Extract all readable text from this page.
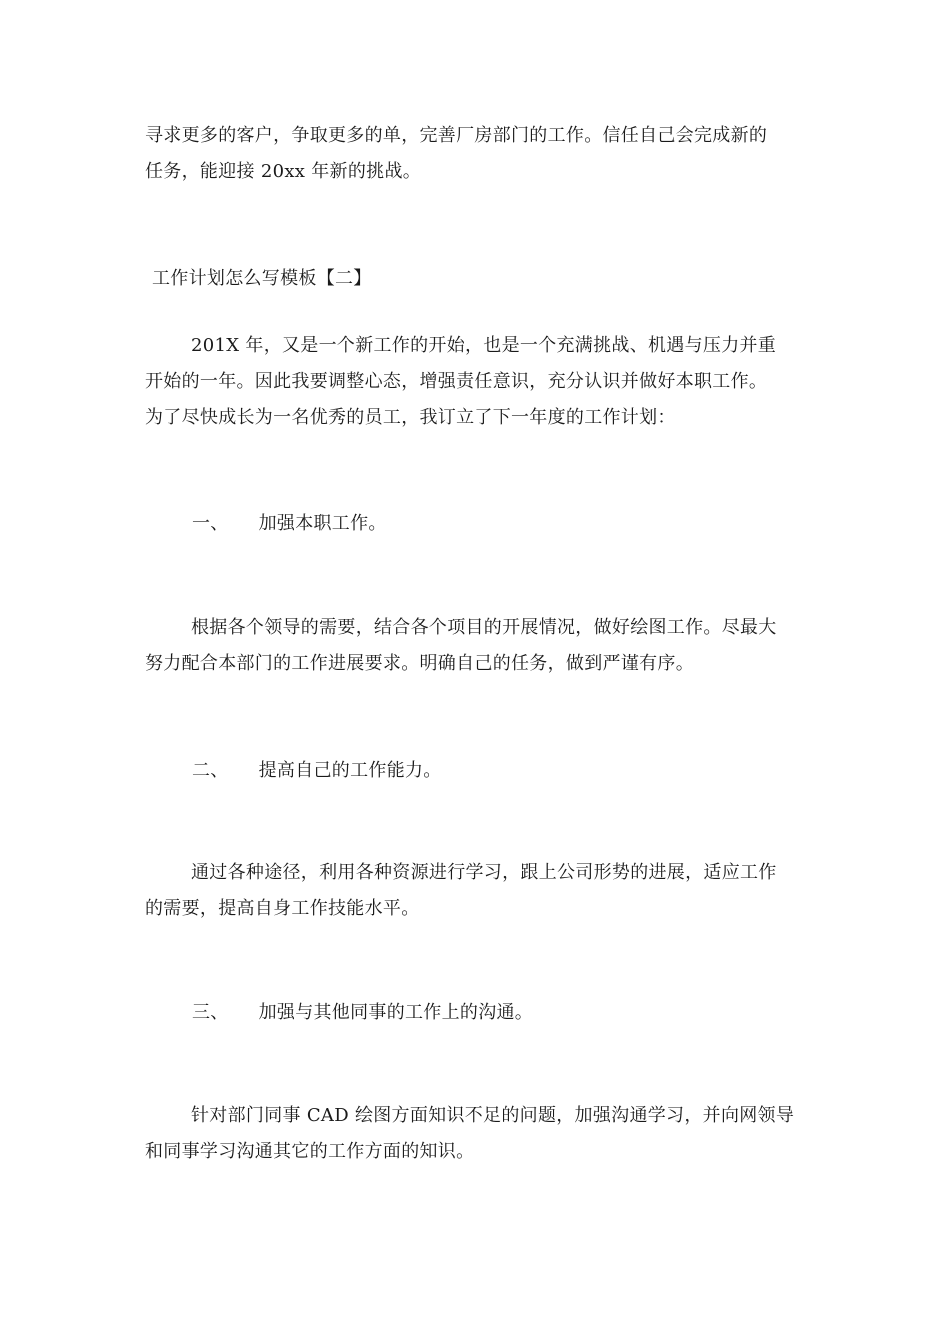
寻求更多的客户，争取更多的单，完善厂房部门的工作。信任自己会完成新的
任务，能迎接 20xx 年新的挑战。

工作计划怎么写模板【二】

201X 年，又是一个新工作的开始，也是一个充满挑战、机遇与压力并重
开始的一年。因此我要调整心态，增强责任意识，充分认识并做好本职工作。
为了尽快成长为一名优秀的员工，我订立了下一年度的工作计划：

一、 加强本职工作。

根据各个领导的需要，结合各个项目的开展情况，做好绘图工作。尽最大
努力配合本部门的工作进展要求。明确自己的任务，做到严谨有序。

二、 提高自己的工作能力。

通过各种途径，利用各种资源进行学习，跟上公司形势的进展，适应工作
的需要，提高自身工作技能水平。

三、 加强与其他同事的工作上的沟通。

针对部门同事 CAD 绘图方面知识不足的问题，加强沟通学习，并向网领导
和同事学习沟通其它的工作方面的知识。
